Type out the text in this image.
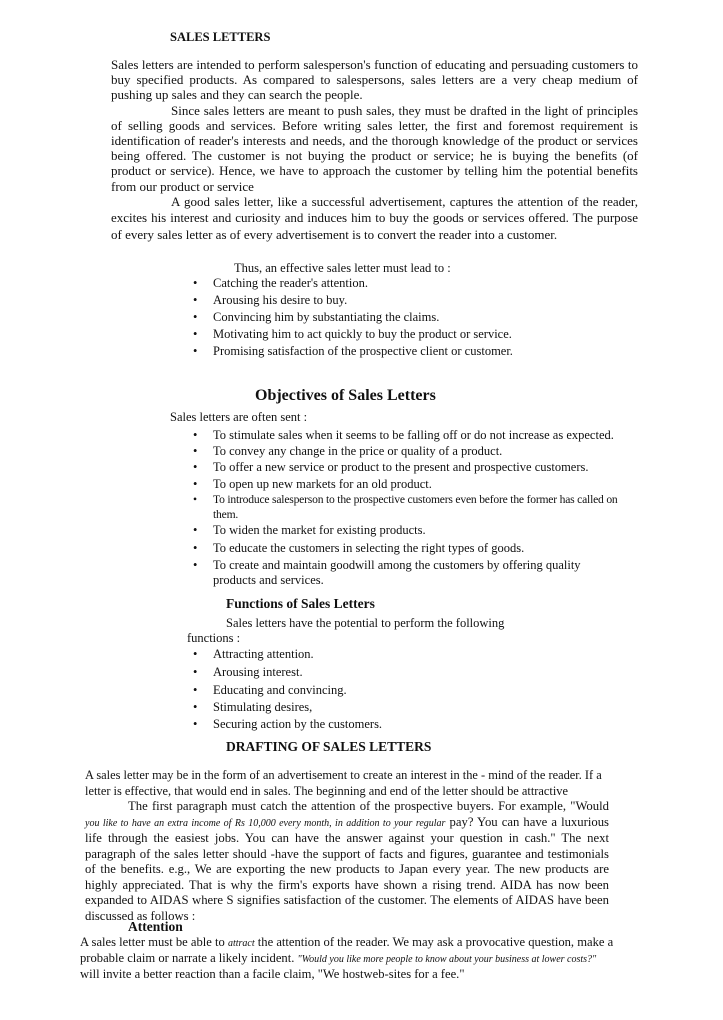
SALES LETTERS

Sales letters are intended to perform salesperson's function of educating and persuading customers to buy specified products. As compared to salespersons, sales letters are a very cheap medium of pushing up sales and they can search the people.

Since sales letters are meant to push sales, they must be drafted in the light of principles of selling goods and services. Before writing sales letter, the first and foremost requirement is identification of reader's interests and needs, and the thorough knowledge of the product or services being offered. The customer is not buying the product or service; he is buying the benefits (of product or service). Hence, we have to approach the customer by telling him the potential benefits from our product or service

A good sales letter, like a successful advertisement, captures the attention of the reader, excites his interest and curiosity and induces him to buy the goods or services offered. The purpose of every sales letter as of every advertisement is to convert the reader into a customer.

Thus, an effective sales letter must lead to :
• Catching the reader's attention.
• Arousing his desire to buy.
• Convincing him by substantiating the claims.
• Motivating him to act quickly to buy the product or service.
• Promising satisfaction of the prospective client or customer.
Objectives of Sales Letters
Sales letters are often sent :
• To stimulate sales when it seems to be falling off or do not increase as expected.
• To convey any change in the price or quality of a product.
• To offer a new service or product to the present and prospective customers.
• To open up new markets for an old product.
• To introduce salesperson to the prospective customers even before the former has called on them.
• To widen the market for existing products.
• To educate the customers in selecting the right types of goods.
• To create and maintain goodwill among the customers by offering quality products and services.
Functions of Sales Letters
Sales letters have the potential to perform the following
functions :
• Attracting attention.
• Arousing interest.
• Educating and convincing.
• Stimulating desires,
• Securing action by the customers.
DRAFTING OF SALES LETTERS

A sales letter may be in the form of an advertisement to create an interest in the - mind of the reader. If a letter is effective, that would end in sales. The beginning and end of the letter should be attractive

The first paragraph must catch the attention of the prospective buyers. For example, "Would you like to have an extra income of Rs 10,000 every month, in addition to your regular pay? You can have a luxurious life through the easiest jobs. You can have the answer against your question in cash." The next paragraph of the sales letter should -have the support of facts and figures, guarantee and testimonials of the benefits. e.g., We are exporting the new products to Japan every year. The new products are highly appreciated. That is why the firm's exports have shown a rising trend. AIDA has now been expanded to AIDAS where S signifies satisfaction of the customer. The elements of AIDAS have been discussed as follows :

Attention

A sales letter must be able to attract the attention of the reader. We may ask a provocative question, make a probable claim or narrate a likely incident. "Would you like more people to know about your business at lower costs?" will invite a better reaction than a facile claim, "We hostweb-sites for a fee."
